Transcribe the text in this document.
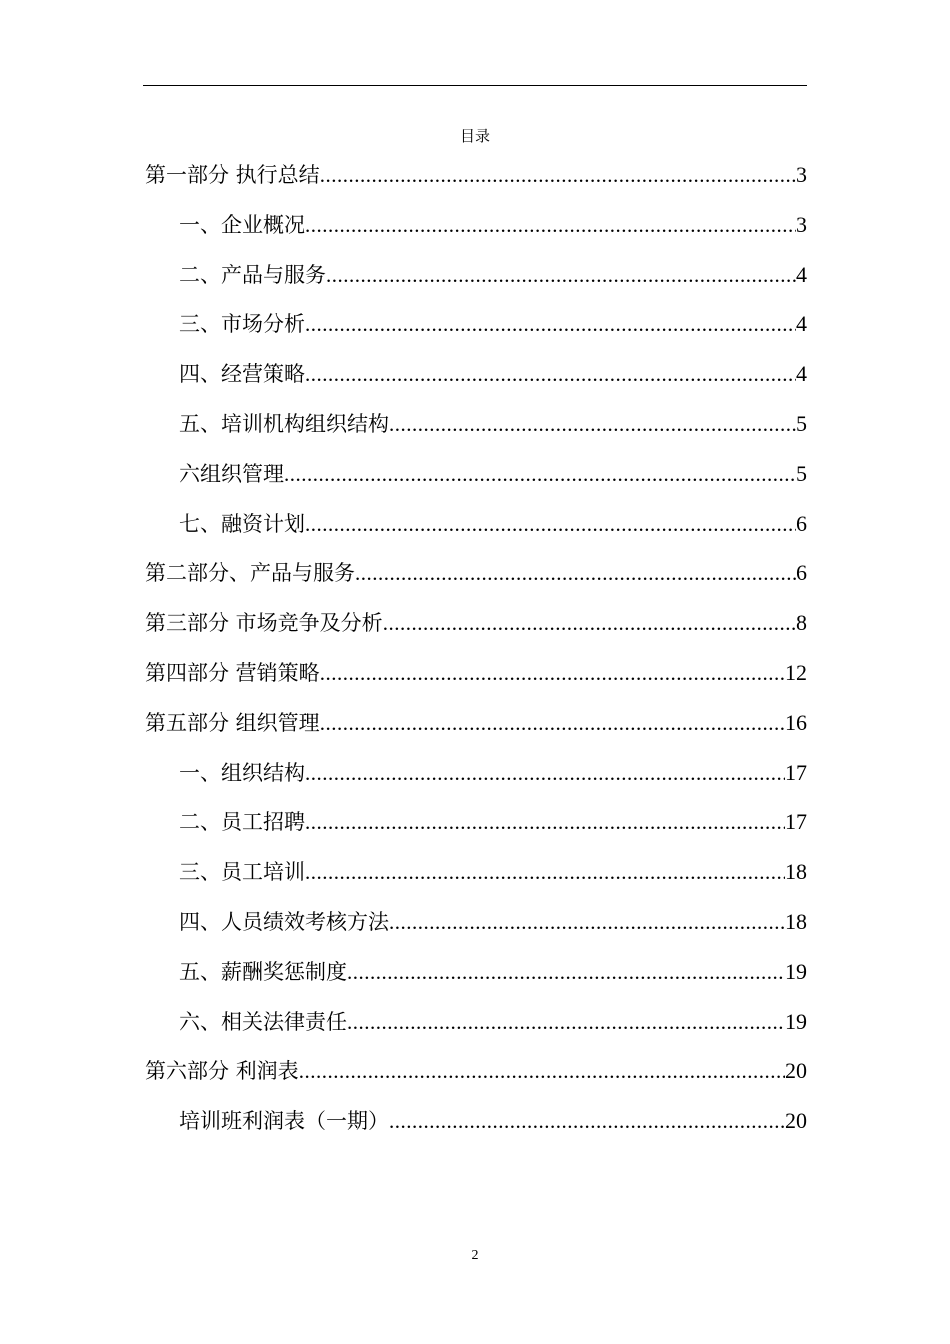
目录
第一部分 执行总结 .....	3
一、企业概况 .....	3
二、产品与服务 .....	4
三、市场分析 .....	4
四、经营策略 .....	4
五、培训机构组织结构 .....	5
六组织管理 .....	5
七、融资计划 .....	6
第二部分、产品与服务 .....	6
第三部分 市场竞争及分析 .....	8
第四部分 营销策略 .....	12
第五部分 组织管理 .....	16
一、组织结构 .....	17
二、员工招聘 .....	17
三、员工培训 .....	18
四、人员绩效考核方法 .....	18
五、薪酬奖惩制度 .....	19
六、相关法律责任 .....	19
第六部分 利润表 .....	20
培训班利润表（一期） .....	20
2
